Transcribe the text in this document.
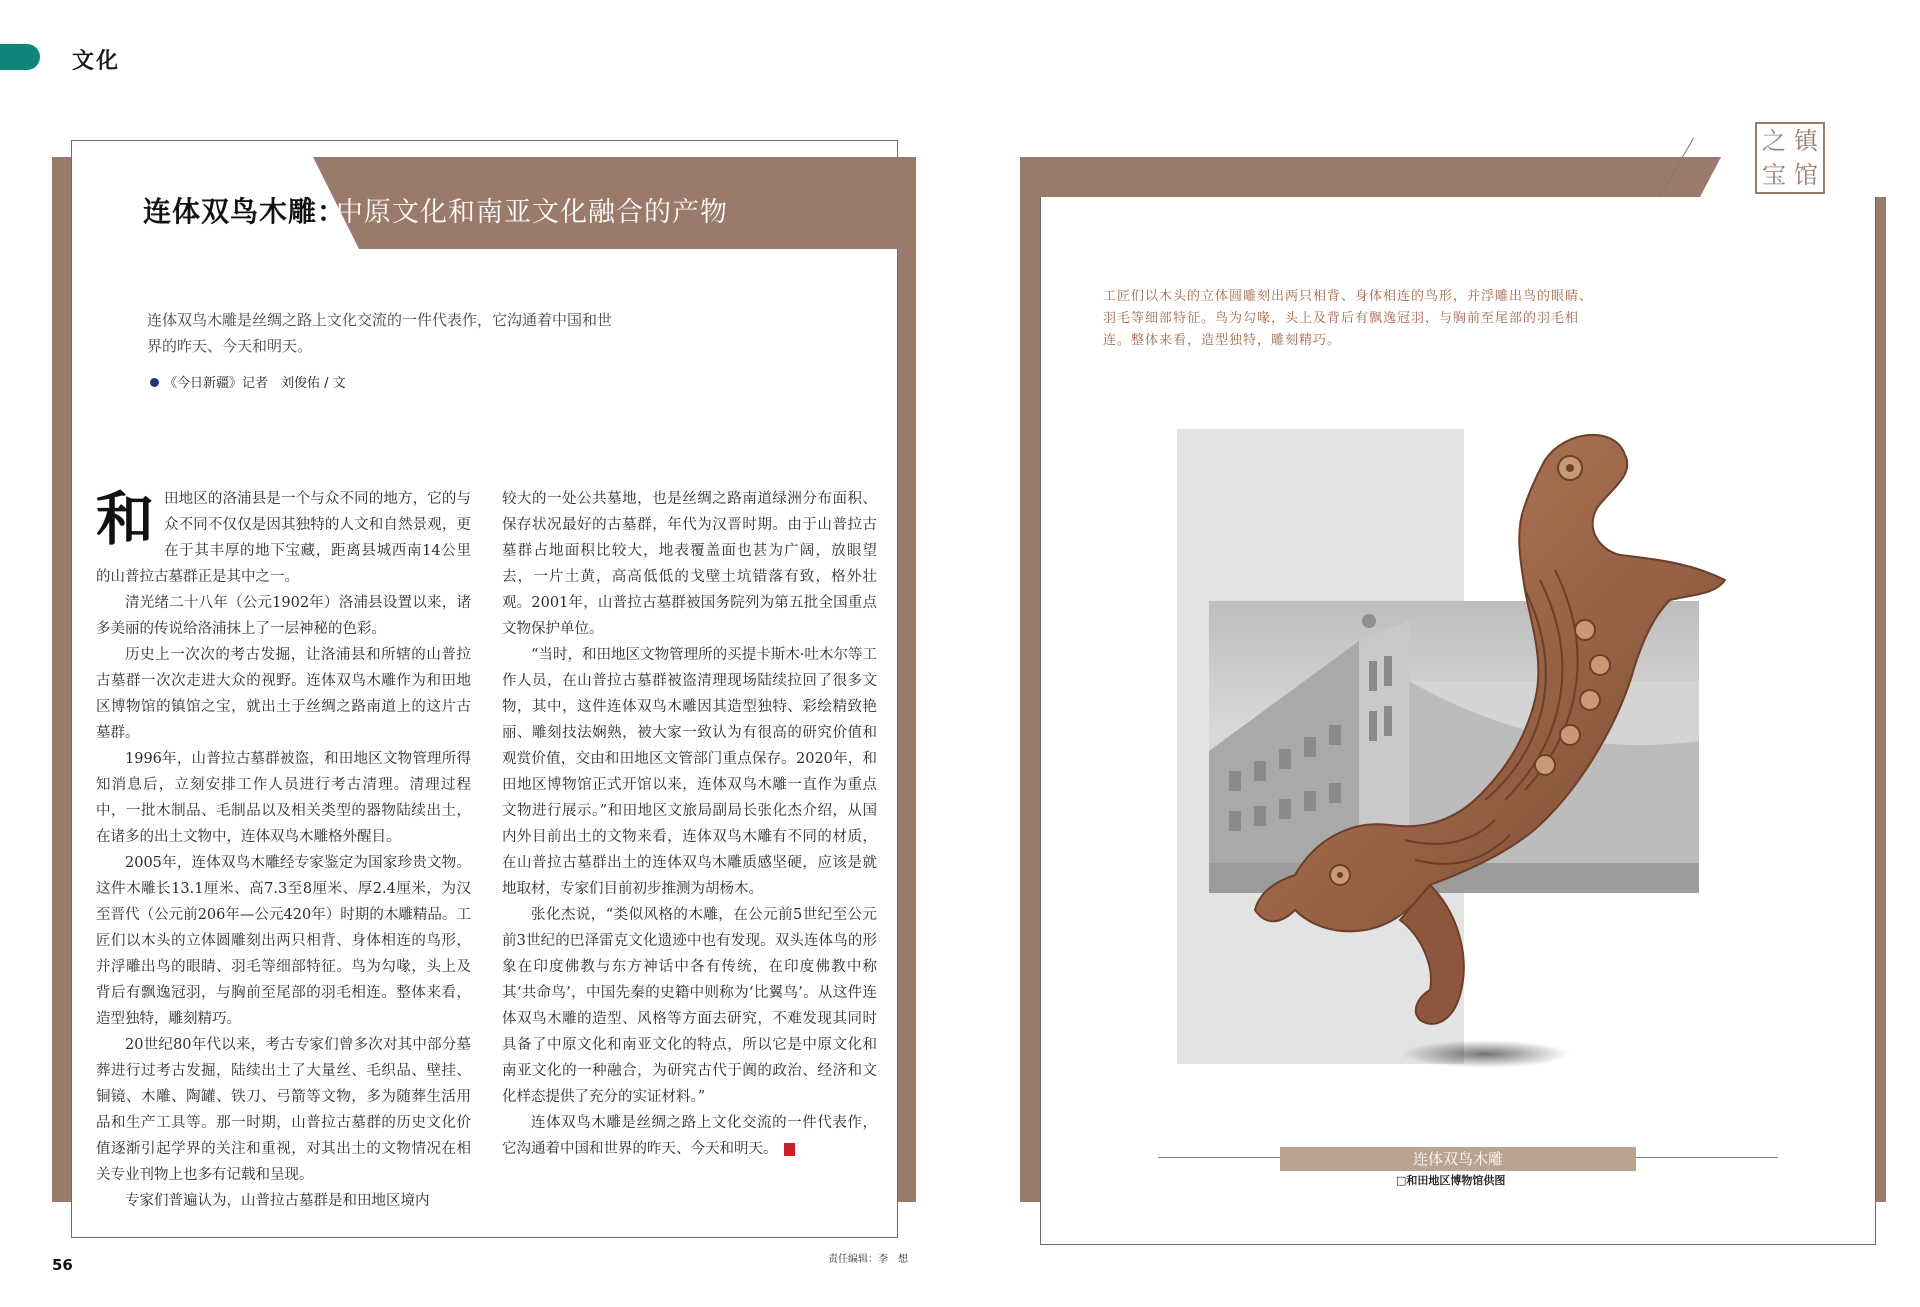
文化
连体双鸟木雕：
中原文化和南亚文化融合的产物
连体双鸟木雕是丝绸之路上文化交流的一件代表作，它沟通着中国和世界的昨天、今天和明天。
《今日新疆》记者　刘俊佑 / 文
和 田地区的洛浦县是一个与众不同的地方，它的与众不同不仅仅是因其独特的人文和自然景观，更在于其丰厚的地下宝藏，距离县城西南14公里的山普拉古墓群正是其中之一。

清光绪二十八年（公元1902年）洛浦县设置以来，诸多美丽的传说给洛浦抹上了一层神秘的色彩。

历史上一次次的考古发掘，让洛浦县和所辖的山普拉古墓群一次次走进大众的视野。连体双鸟木雕作为和田地区博物馆的镇馆之宝，就出土于丝绸之路南道上的这片古墓群。

1996年，山普拉古墓群被盗，和田地区文物管理所得知消息后，立刻安排工作人员进行考古清理。清理过程中，一批木制品、毛制品以及相关类型的器物陆续出土，在诸多的出土文物中，连体双鸟木雕格外醒目。

2005年，连体双鸟木雕经专家鉴定为国家珍贵文物。这件木雕长13.1厘米、高7.3至8厘米、厚2.4厘米，为汉至晋代（公元前206年—公元420年）时期的木雕精品。工匠们以木头的立体圆雕刻出两只相背、身体相连的鸟形，并浮雕出鸟的眼睛、羽毛等细部特征。鸟为勾喙，头上及背后有飘逸冠羽，与胸前至尾部的羽毛相连。整体来看，造型独特，雕刻精巧。

20世纪80年代以来，考古专家们曾多次对其中部分墓葬进行过考古发掘，陆续出土了大量丝、毛织品、壁挂、铜镜、木雕、陶罐、铁刀、弓箭等文物，多为随葬生活用品和生产工具等。那一时期，山普拉古墓群的历史文化价值逐渐引起学界的关注和重视，对其出土的文物情况在相关专业刊物上也多有记载和呈现。

专家们普遍认为，山普拉古墓群是和田地区境内

较大的一处公共墓地，也是丝绸之路南道绿洲分布面积、保存状况最好的古墓群，年代为汉晋时期。由于山普拉古墓群占地面积比较大，地表覆盖面也甚为广阔，放眼望去，一片土黄，高高低低的戈壁土坑错落有致，格外壮观。2001年，山普拉古墓群被国务院列为第五批全国重点文物保护单位。

“当时，和田地区文物管理所的买提卡斯木·吐木尔等工作人员，在山普拉古墓群被盗清理现场陆续拉回了很多文物，其中，这件连体双鸟木雕因其造型独特、彩绘精致艳丽、雕刻技法娴熟，被大家一致认为有很高的研究价值和观赏价值，交由和田地区文管部门重点保存。2020年，和田地区博物馆正式开馆以来，连体双鸟木雕一直作为重点文物进行展示。”和田地区文旅局副局长张化杰介绍，从国内外目前出土的文物来看，连体双鸟木雕有不同的材质，在山普拉古墓群出土的连体双鸟木雕质感坚硬，应该是就地取材，专家们目前初步推测为胡杨木。

张化杰说，“类似风格的木雕，在公元前5世纪至公元前3世纪的巴泽雷克文化遗迹中也有发现。双头连体鸟的形象在印度佛教与东方神话中各有传统，在印度佛教中称其‘共命鸟’，中国先秦的史籍中则称为‘比翼鸟’。从这件连体双鸟木雕的造型、风格等方面去研究，不难发现其同时具备了中原文化和南亚文化的特点，所以它是中原文化和南亚文化的一种融合，为研究古代于阗的政治、经济和文化样态提供了充分的实证材料。”

连体双鸟木雕是丝绸之路上文化交流的一件代表作，它沟通着中国和世界的昨天、今天和明天。

56	责任编辑：李　想
镇
馆
之
宝
工匠们以木头的立体圆雕刻出两只相背、身体相连的鸟形，并浮雕出鸟的眼睛、羽毛等细部特征。鸟为勾喙，头上及背后有飘逸冠羽，与胸前至尾部的羽毛相连。整体来看，造型独特，雕刻精巧。
连体双鸟木雕
□和田地区博物馆供图
